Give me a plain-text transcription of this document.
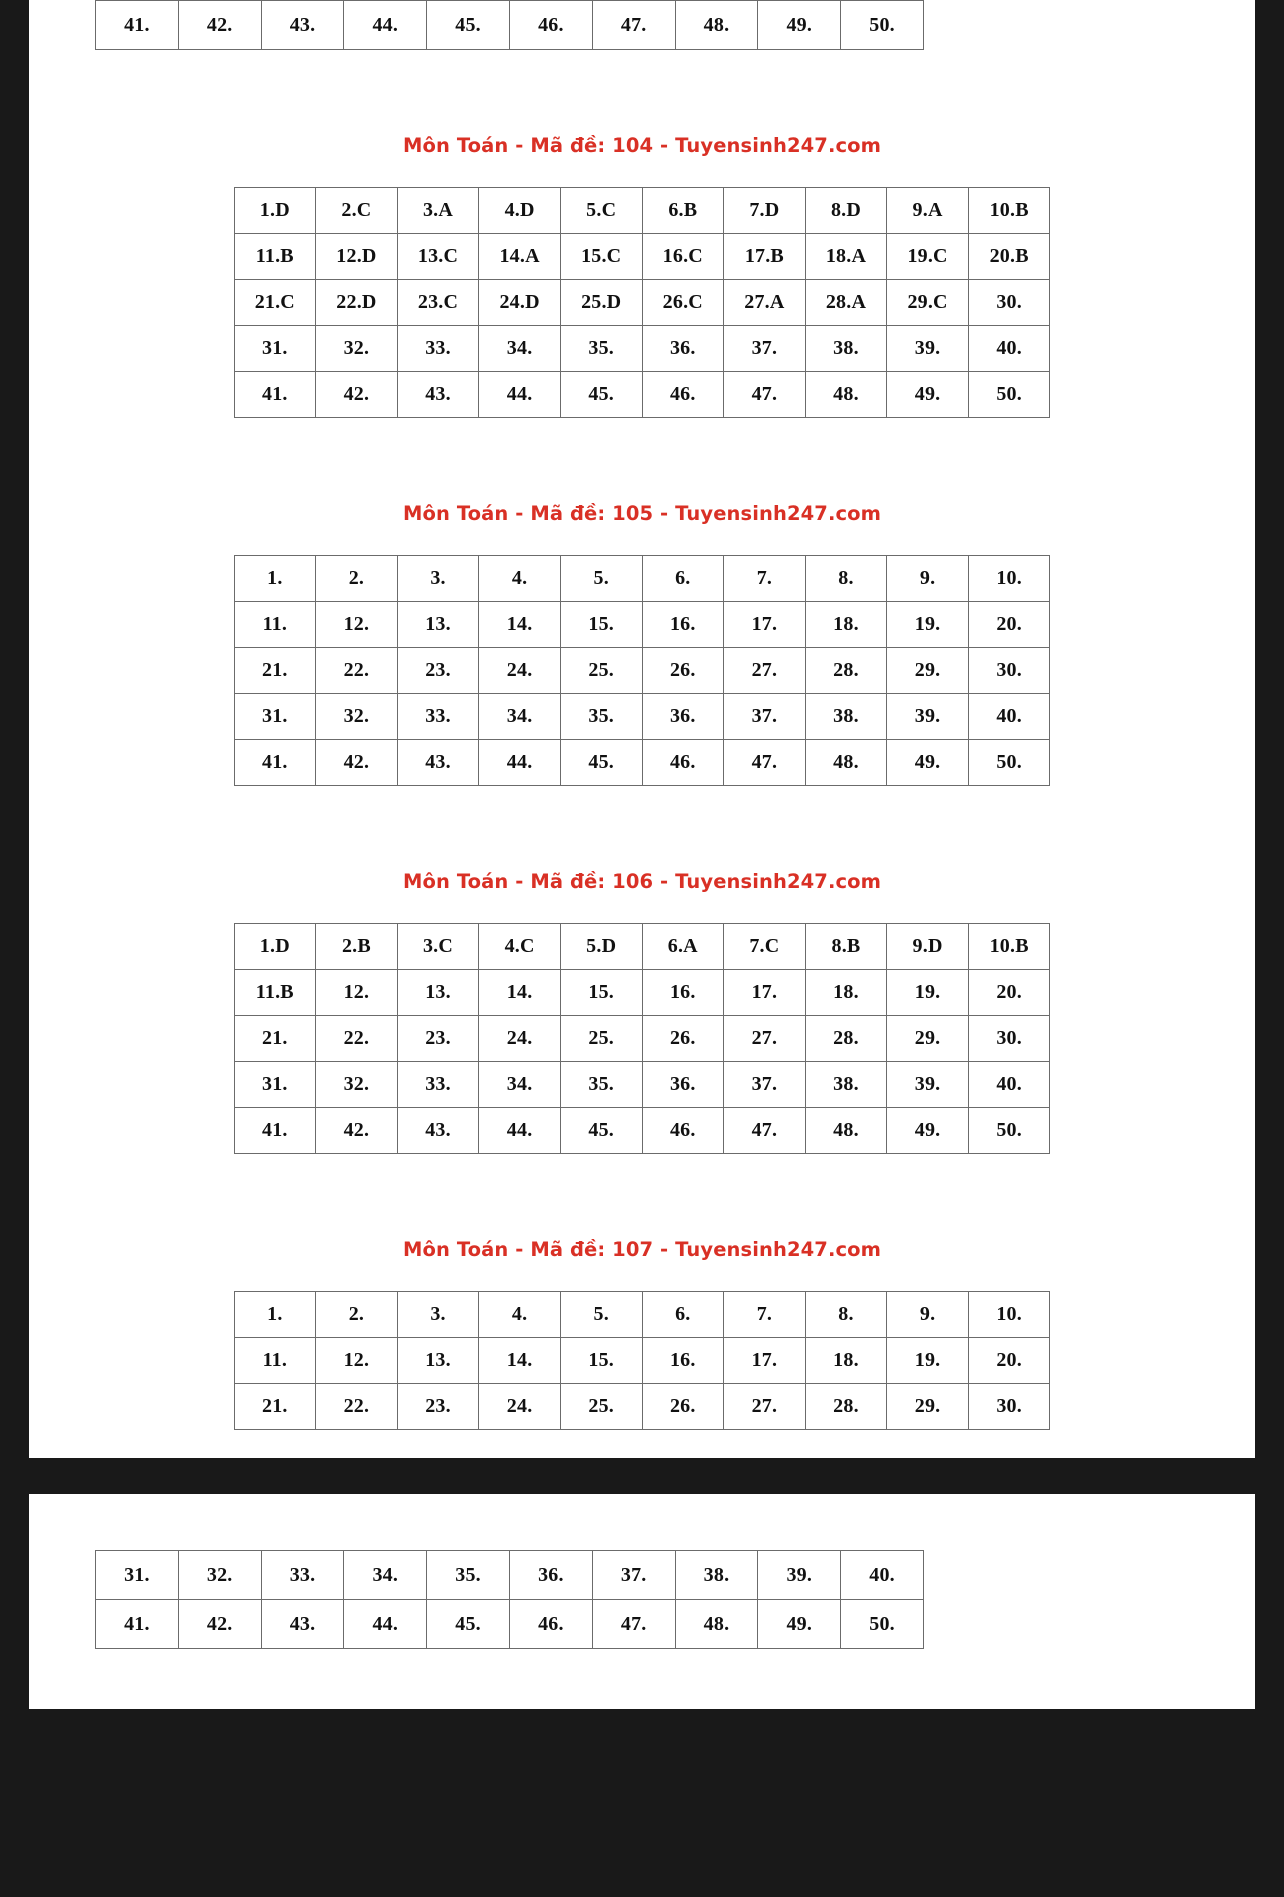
41.	42.	43.	44.	45.	46.	47.	48.	49.	50.
Môn Toán - Mã đề: 104 - Tuyensinh247.com
1.D	2.C	3.A	4.D	5.C	6.B	7.D	8.D	9.A	10.B
11.B	12.D	13.C	14.A	15.C	16.C	17.B	18.A	19.C	20.B
21.C	22.D	23.C	24.D	25.D	26.C	27.A	28.A	29.C	30.
31.	32.	33.	34.	35.	36.	37.	38.	39.	40.
41.	42.	43.	44.	45.	46.	47.	48.	49.	50.
Môn Toán - Mã đề: 105 - Tuyensinh247.com
1.	2.	3.	4.	5.	6.	7.	8.	9.	10.
11.	12.	13.	14.	15.	16.	17.	18.	19.	20.
21.	22.	23.	24.	25.	26.	27.	28.	29.	30.
31.	32.	33.	34.	35.	36.	37.	38.	39.	40.
41.	42.	43.	44.	45.	46.	47.	48.	49.	50.
Môn Toán - Mã đề: 106 - Tuyensinh247.com
1.D	2.B	3.C	4.C	5.D	6.A	7.C	8.B	9.D	10.B
11.B	12.	13.	14.	15.	16.	17.	18.	19.	20.
21.	22.	23.	24.	25.	26.	27.	28.	29.	30.
31.	32.	33.	34.	35.	36.	37.	38.	39.	40.
41.	42.	43.	44.	45.	46.	47.	48.	49.	50.
Môn Toán - Mã đề: 107 - Tuyensinh247.com
1.	2.	3.	4.	5.	6.	7.	8.	9.	10.
11.	12.	13.	14.	15.	16.	17.	18.	19.	20.
21.	22.	23.	24.	25.	26.	27.	28.	29.	30.
31.	32.	33.	34.	35.	36.	37.	38.	39.	40.
41.	42.	43.	44.	45.	46.	47.	48.	49.	50.
